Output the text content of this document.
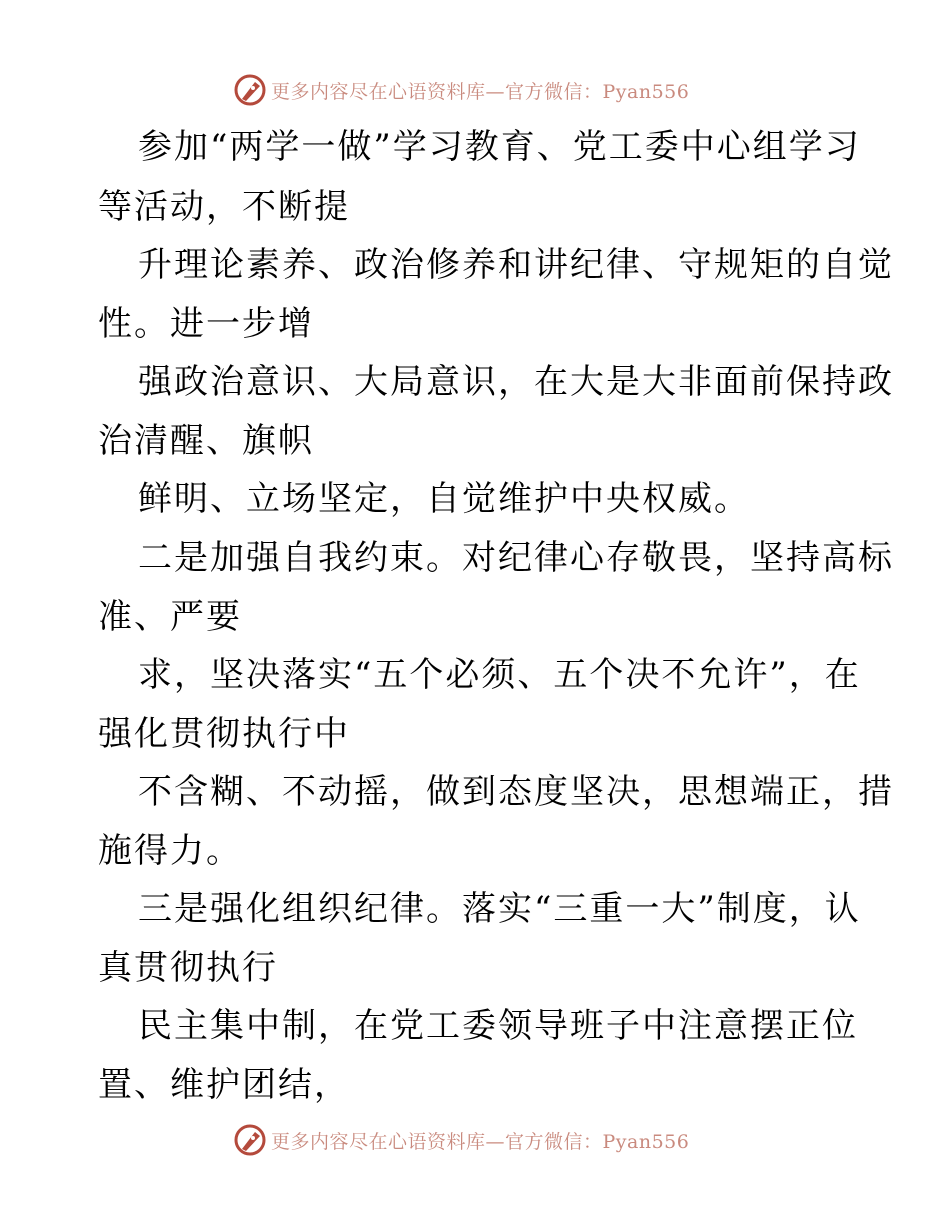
更多内容尽在心语资料库—官方微信：Pyan556
参加“两学一做”学习教育、党工委中心组学习
等活动，不断提
升理论素养、政治修养和讲纪律、守规矩的自觉
性。进一步增
强政治意识、大局意识，在大是大非面前保持政
治清醒、旗帜
鲜明、立场坚定，自觉维护中央权威。
二是加强自我约束。对纪律心存敬畏，坚持高标
准、严要
求，坚决落实“五个必须、五个决不允许”，在
强化贯彻执行中
不含糊、不动摇，做到态度坚决，思想端正，措
施得力。
三是强化组织纪律。落实“三重一大”制度，认
真贯彻执行
民主集中制，在党工委领导班子中注意摆正位
置、维护团结，
更多内容尽在心语资料库—官方微信：Pyan556
